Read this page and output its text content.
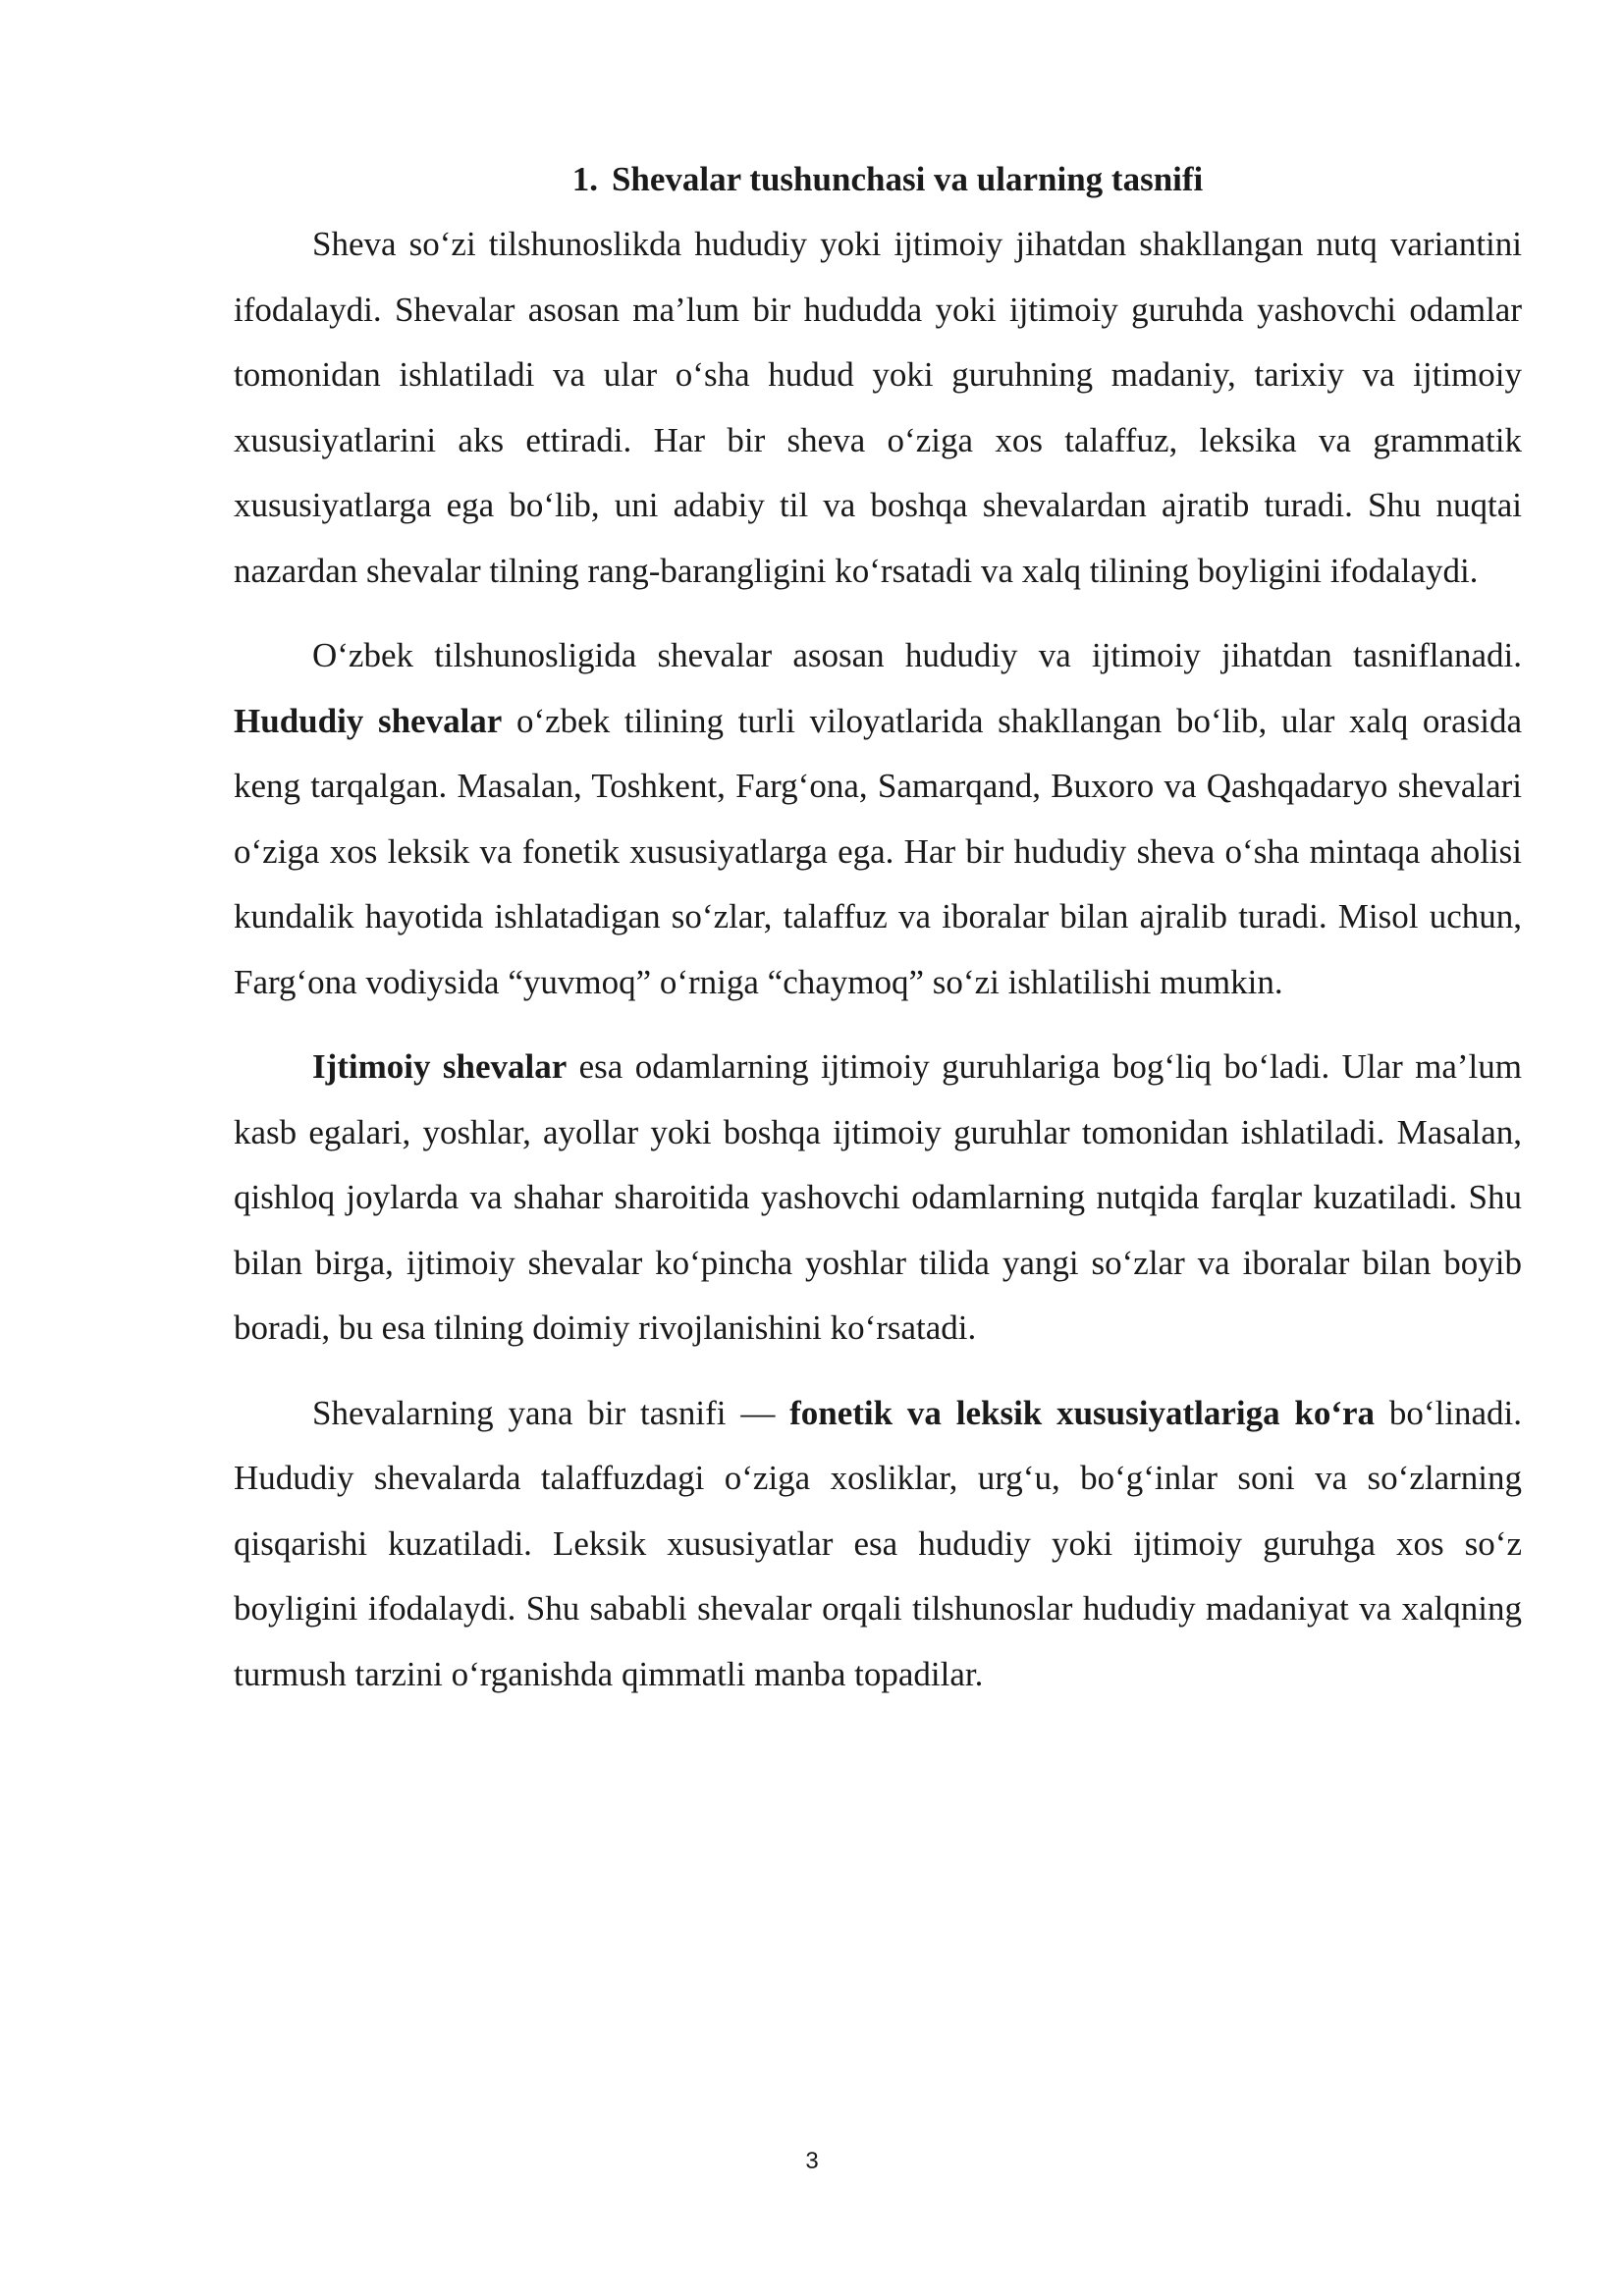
1. Shevalar tushunchasi va ularning tasnifi

Sheva so‘zi tilshunoslikda hududiy yoki ijtimoiy jihatdan shakllangan nutq variantini ifodalaydi. Shevalar asosan ma’lum bir hududda yoki ijtimoiy guruhda yashovchi odamlar tomonidan ishlatiladi va ular o‘sha hudud yoki guruhning madaniy, tarixiy va ijtimoiy xususiyatlarini aks ettiradi. Har bir sheva o‘ziga xos talaffuz, leksika va grammatik xususiyatlarga ega bo‘lib, uni adabiy til va boshqa shevalardan ajratib turadi. Shu nuqtai nazardan shevalar tilning rang-barangligini ko‘rsatadi va xalq tilining boyligini ifodalaydi.

O‘zbek tilshunosligida shevalar asosan hududiy va ijtimoiy jihatdan tasniflanadi. Hududiy shevalar o‘zbek tilining turli viloyatlarida shakllangan bo‘lib, ular xalq orasida keng tarqalgan. Masalan, Toshkent, Farg‘ona, Samarqand, Buxoro va Qashqadaryo shevalari o‘ziga xos leksik va fonetik xususiyatlarga ega. Har bir hududiy sheva o‘sha mintaqa aholisi kundalik hayotida ishlatadigan so‘zlar, talaffuz va iboralar bilan ajralib turadi. Misol uchun, Farg‘ona vodiysida “yuvmoq” o‘rniga “chaymoq” so‘zi ishlatilishi mumkin.

Ijtimoiy shevalar esa odamlarning ijtimoiy guruhlariga bog‘liq bo‘ladi. Ular ma’lum kasb egalari, yoshlar, ayollar yoki boshqa ijtimoiy guruhlar tomonidan ishlatiladi. Masalan, qishloq joylarda va shahar sharoitida yashovchi odamlarning nutqida farqlar kuzatiladi. Shu bilan birga, ijtimoiy shevalar ko‘pincha yoshlar tilida yangi so‘zlar va iboralar bilan boyib boradi, bu esa tilning doimiy rivojlanishini ko‘rsatadi.

Shevalarning yana bir tasnifi — fonetik va leksik xususiyatlariga ko‘ra bo‘linadi. Hududiy shevalarda talaffuzdagi o‘ziga xosliklar, urg‘u, bo‘g‘inlar soni va so‘zlarning qisqarishi kuzatiladi. Leksik xususiyatlar esa hududiy yoki ijtimoiy guruhga xos so‘z boyligini ifodalaydi. Shu sababli shevalar orqali tilshunoslar hududiy madaniyat va xalqning turmush tarzini o‘rganishda qimmatli manba topadilar.

3
